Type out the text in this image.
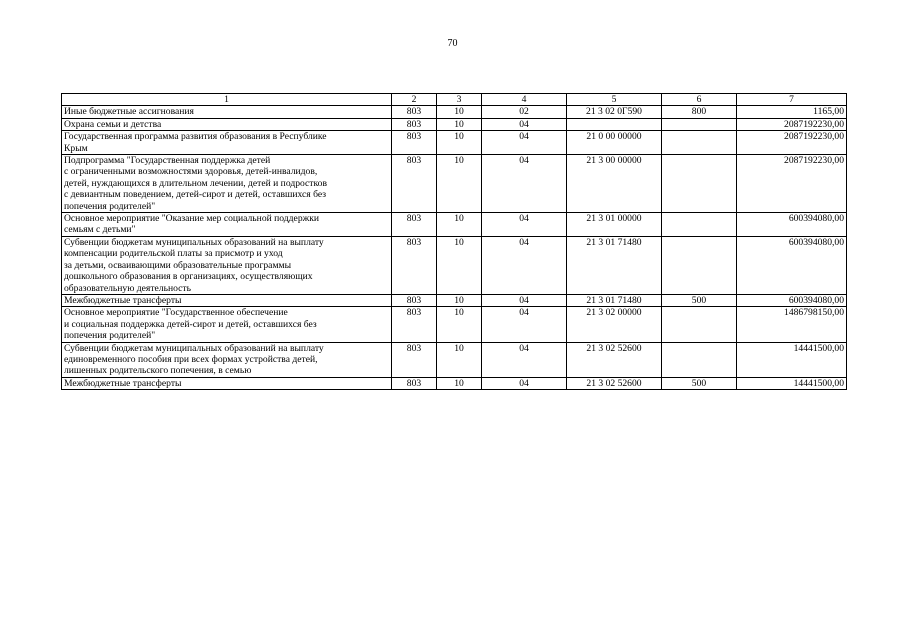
70
1	2	3	4	5	6	7
Иные бюджетные ассигнования	803	10	02	21 3 02 0Г590	800	1165,00
Охрана семьи и детства	803	10	04			2087192230,00
Государственная программа развития образования в Республике
Крым	803	10	04	21 0 00 00000		2087192230,00
Подпрограмма "Государственная поддержка детей
с ограниченными возможностями здоровья, детей-инвалидов,
детей, нуждающихся в длительном лечении, детей и подростков
с девиантным поведением, детей-сирот и детей, оставшихся без
попечения родителей"	803	10	04	21 3 00 00000		2087192230,00
Основное мероприятие "Оказание мер социальной поддержки
семьям с детьми"	803	10	04	21 3 01 00000		600394080,00
Субвенции бюджетам муниципальных образований на выплату
компенсации родительской платы за присмотр и уход
за детьми, осваивающими образовательные программы
дошкольного образования в организациях, осуществляющих
образовательную деятельность	803	10	04	21 3 01 71480		600394080,00
Межбюджетные трансферты	803	10	04	21 3 01 71480	500	600394080,00
Основное мероприятие "Государственное обеспечение
и социальная поддержка детей-сирот и детей, оставшихся без
попечения родителей"	803	10	04	21 3 02 00000		1486798150,00
Субвенции бюджетам муниципальных образований на выплату
единовременного пособия при всех формах устройства детей,
лишенных родительского попечения, в семью	803	10	04	21 3 02 52600		14441500,00
Межбюджетные трансферты	803	10	04	21 3 02 52600	500	14441500,00
